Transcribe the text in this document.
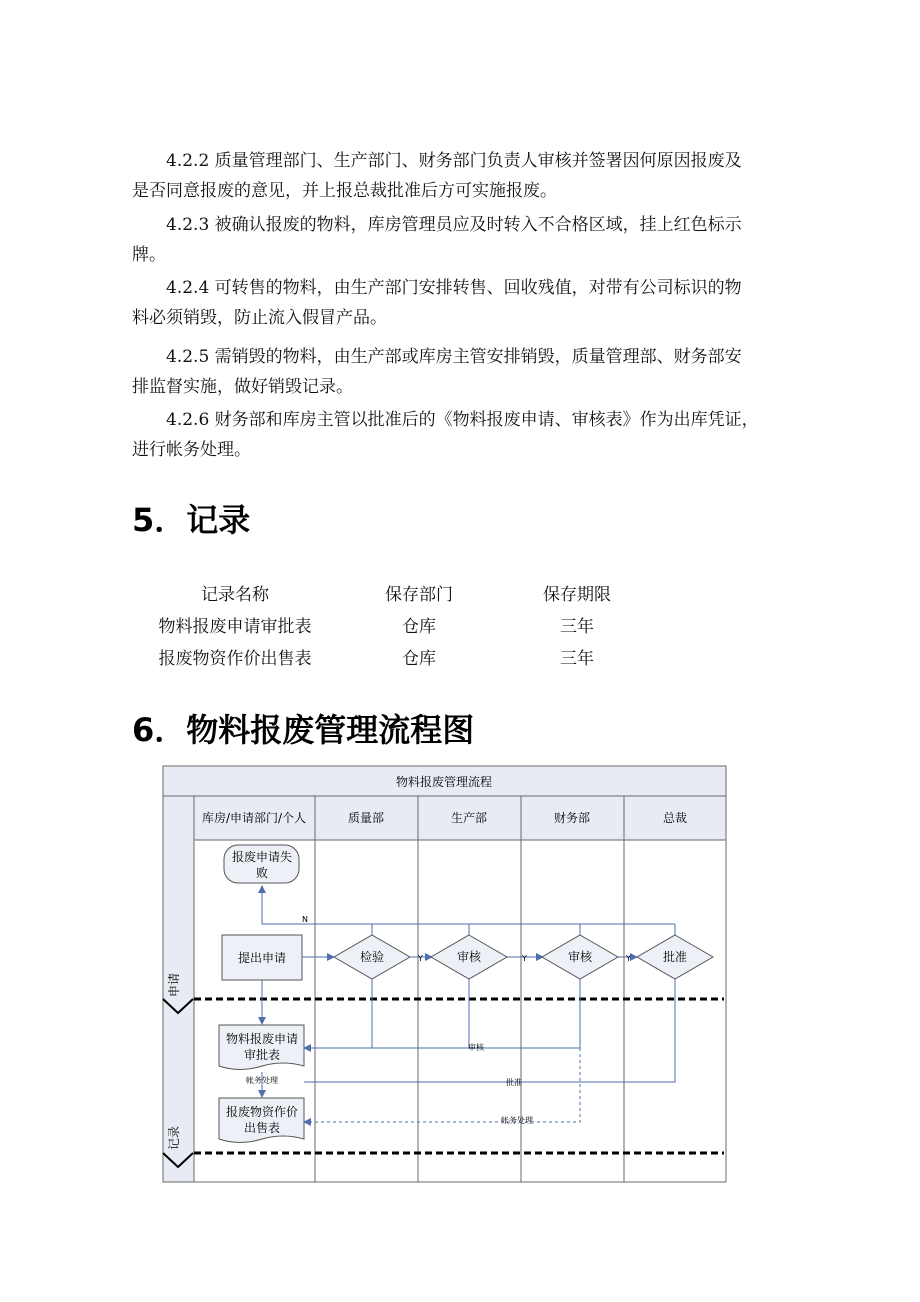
4.2.2 质量管理部门、生产部门、财务部门负责人审核并签署因何原因报废及
是否同意报废的意见，并上报总裁批准后方可实施报废。
4.2.3 被确认报废的物料，库房管理员应及时转入不合格区域，挂上红色标示
牌。
4.2.4 可转售的物料，由生产部门安排转售、回收残值，对带有公司标识的物
料必须销毁，防止流入假冒产品。
4.2.5 需销毁的物料，由生产部或库房主管安排销毁，质量管理部、财务部安
排监督实施，做好销毁记录。
4.2.6 财务部和库房主管以批准后的《物料报废申请、审核表》作为出库凭证，
进行帐务处理。
5．记录
记录名称	保存部门	保存期限
物料报废申请审批表	仓库	三年
报废物资作价出售表	仓库	三年
6．物料报废管理流程图
物料报废管理流程
库房/申请部门/个人	质量部	生产部	财务部	总裁
申请
记录
N
Y	Y	Y
审核
批准
帐务处理
帐务处理
报废申请失
败
提出申请	检验	审核	审核	批准
物料报废申请
审批表
报废物资作价
出售表
